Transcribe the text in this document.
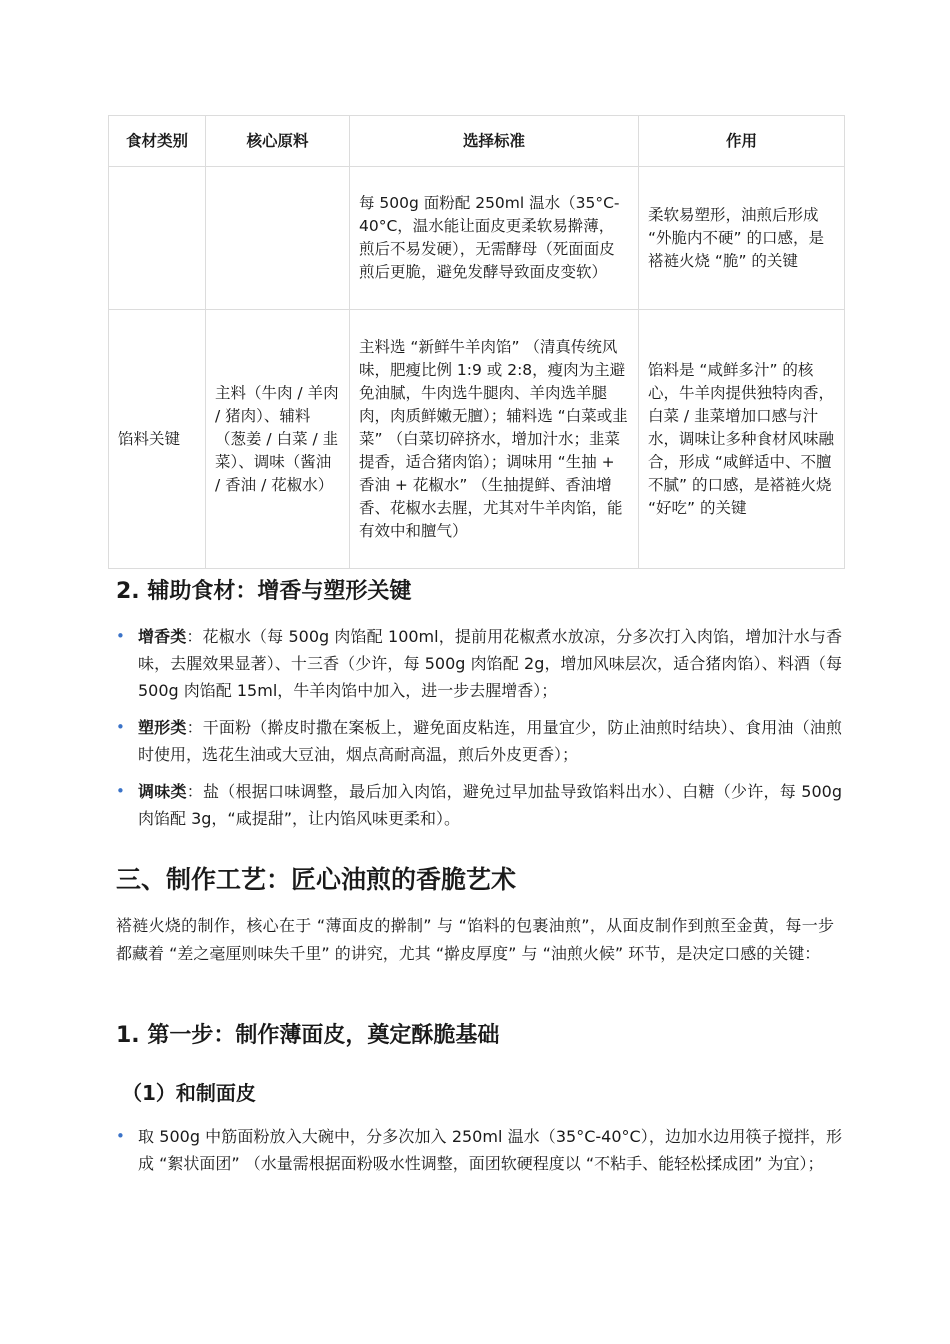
食材类别	核心原料	选择标准	作用
		每 500g 面粉配 250ml 温水（35°C-40°C，温水能让面皮更柔软易擀薄，煎后不易发硬），无需酵母（死面面皮煎后更脆，避免发酵导致面皮变软）	柔软易塑形，油煎后形成 “外脆内不硬” 的口感，是褡裢火烧 “脆” 的关键
馅料关键	主料（牛肉 / 羊肉 / 猪肉）、辅料（葱姜 / 白菜 / 韭菜）、调味（酱油 / 香油 / 花椒水）	主料选 “新鲜牛羊肉馅” （清真传统风味，肥瘦比例 1:9 或 2:8，瘦肉为主避免油腻，牛肉选牛腿肉、羊肉选羊腿肉，肉质鲜嫩无膻）；辅料选 “白菜或韭菜” （白菜切碎挤水，增加汁水；韭菜提香，适合猪肉馅）；调味用 “生抽 + 香油 + 花椒水” （生抽提鲜、香油增香、花椒水去腥，尤其对牛羊肉馅，能有效中和膻气）	馅料是 “咸鲜多汁” 的核心，牛羊肉提供独特肉香，白菜 / 韭菜增加口感与汁水，调味让多种食材风味融合，形成 “咸鲜适中、不膻不腻” 的口感，是褡裢火烧 “好吃” 的关键
2. 辅助食材：增香与塑形关键
• 增香类：花椒水（每 500g 肉馅配 100ml，提前用花椒煮水放凉，分多次打入肉馅，增加汁水与香味，去腥效果显著）、十三香（少许，每 500g 肉馅配 2g，增加风味层次，适合猪肉馅）、料酒（每 500g 肉馅配 15ml，牛羊肉馅中加入，进一步去腥增香）；
• 塑形类：干面粉（擀皮时撒在案板上，避免面皮粘连，用量宜少，防止油煎时结块）、食用油（油煎时使用，选花生油或大豆油，烟点高耐高温，煎后外皮更香）；
• 调味类：盐（根据口味调整，最后加入肉馅，避免过早加盐导致馅料出水）、白糖（少许，每 500g 肉馅配 3g，“咸提甜”，让内馅风味更柔和）。
三、制作工艺：匠心油煎的香脆艺术

褡裢火烧的制作，核心在于 “薄面皮的擀制” 与 “馅料的包裹油煎”，从面皮制作到煎至金黄，每一步都藏着 “差之毫厘则味失千里” 的讲究，尤其 “擀皮厚度” 与 “油煎火候” 环节，是决定口感的关键：

1. 第一步：制作薄面皮，奠定酥脆基础
（1）和制面皮
• 取 500g 中筋面粉放入大碗中，分多次加入 250ml 温水（35°C-40°C），边加水边用筷子搅拌，形成 “絮状面团” （水量需根据面粉吸水性调整，面团软硬程度以 “不粘手、能轻松揉成团” 为宜）；
